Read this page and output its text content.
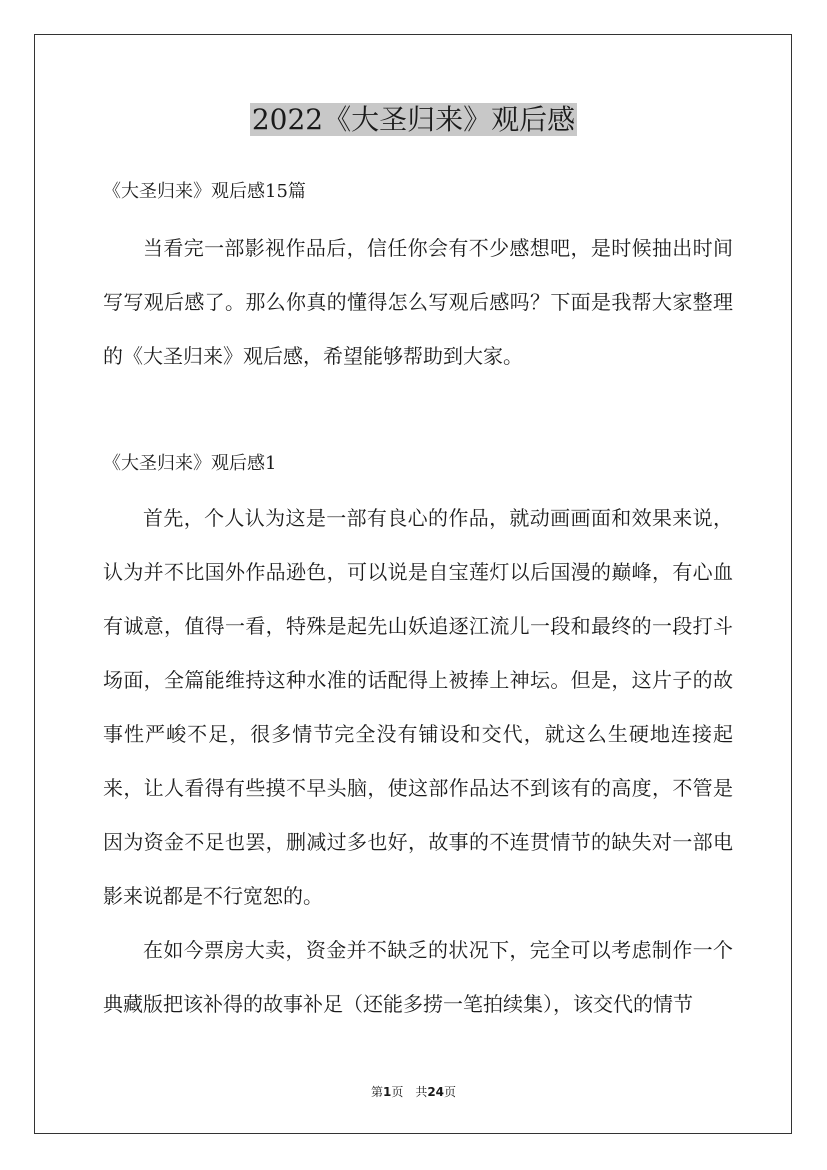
2022《大圣归来》观后感
《大圣归来》观后感15篇

当看完一部影视作品后，信任你会有不少感想吧，是时候抽出时间写写观后感了。那么你真的懂得怎么写观后感吗？下面是我帮大家整理的《大圣归来》观后感，希望能够帮助到大家。

《大圣归来》观后感1

首先，个人认为这是一部有良心的作品，就动画画面和效果来说，认为并不比国外作品逊色，可以说是自宝莲灯以后国漫的巅峰，有心血有诚意，值得一看，特殊是起先山妖追逐江流儿一段和最终的一段打斗场面，全篇能维持这种水准的话配得上被捧上神坛。但是，这片子的故事性严峻不足，很多情节完全没有铺设和交代，就这么生硬地连接起来，让人看得有些摸不早头脑，使这部作品达不到该有的高度，不管是因为资金不足也罢，删减过多也好，故事的不连贯情节的缺失对一部电影来说都是不行宽恕的。

在如今票房大卖，资金并不缺乏的状况下，完全可以考虑制作一个典藏版把该补得的故事补足（还能多捞一笔拍续集），该交代的情节

第1页　共24页
